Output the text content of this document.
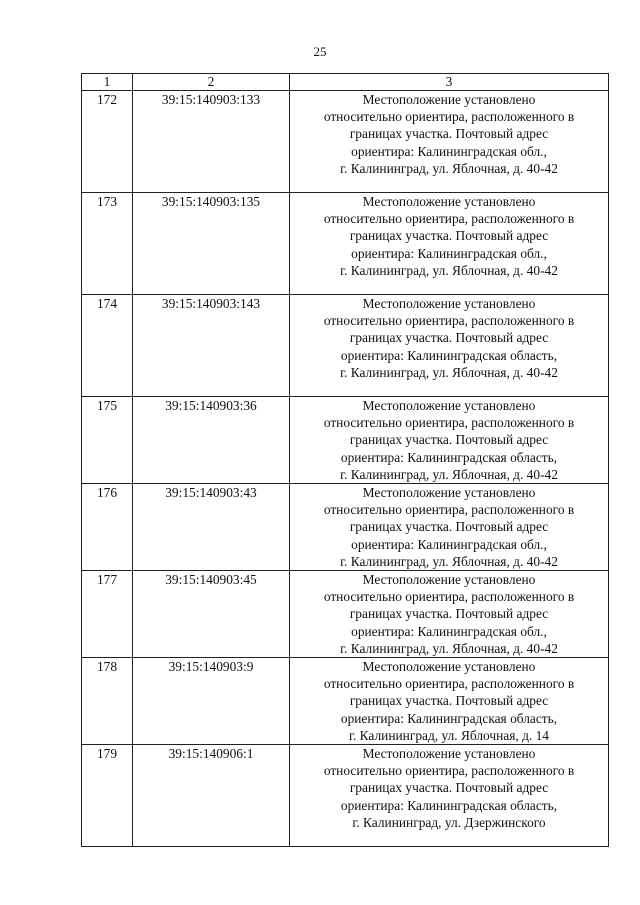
25
1	2	3
172	39:15:140903:133	Местоположение установлено
относительно ориентира, расположенного в
границах участка. Почтовый адрес
ориентира: Калининградская обл.,
г. Калининград, ул. Яблочная, д. 40-42

173	39:15:140903:135	Местоположение установлено
относительно ориентира, расположенного в
границах участка. Почтовый адрес
ориентира: Калининградская обл.,
г. Калининград, ул. Яблочная, д. 40-42

174	39:15:140903:143	Местоположение установлено
относительно ориентира, расположенного в
границах участка. Почтовый адрес
ориентира: Калининградская область,
г. Калининград, ул. Яблочная, д. 40-42

175	39:15:140903:36	Местоположение установлено
относительно ориентира, расположенного в
границах участка. Почтовый адрес
ориентира: Калининградская область,
г. Калининград, ул. Яблочная, д. 40-42

176	39:15:140903:43	Местоположение установлено
относительно ориентира, расположенного в
границах участка. Почтовый адрес
ориентира: Калининградская обл.,
г. Калининград, ул. Яблочная, д. 40-42

177	39:15:140903:45	Местоположение установлено
относительно ориентира, расположенного в
границах участка. Почтовый адрес
ориентира: Калининградская обл.,
г. Калининград, ул. Яблочная, д. 40-42

178	39:15:140903:9	Местоположение установлено
относительно ориентира, расположенного в
границах участка. Почтовый адрес
ориентира: Калининградская область,
г. Калининград, ул. Яблочная, д. 14

179	39:15:140906:1	Местоположение установлено
относительно ориентира, расположенного в
границах участка. Почтовый адрес
ориентира: Калининградская область,
г. Калининград, ул. Дзержинского
